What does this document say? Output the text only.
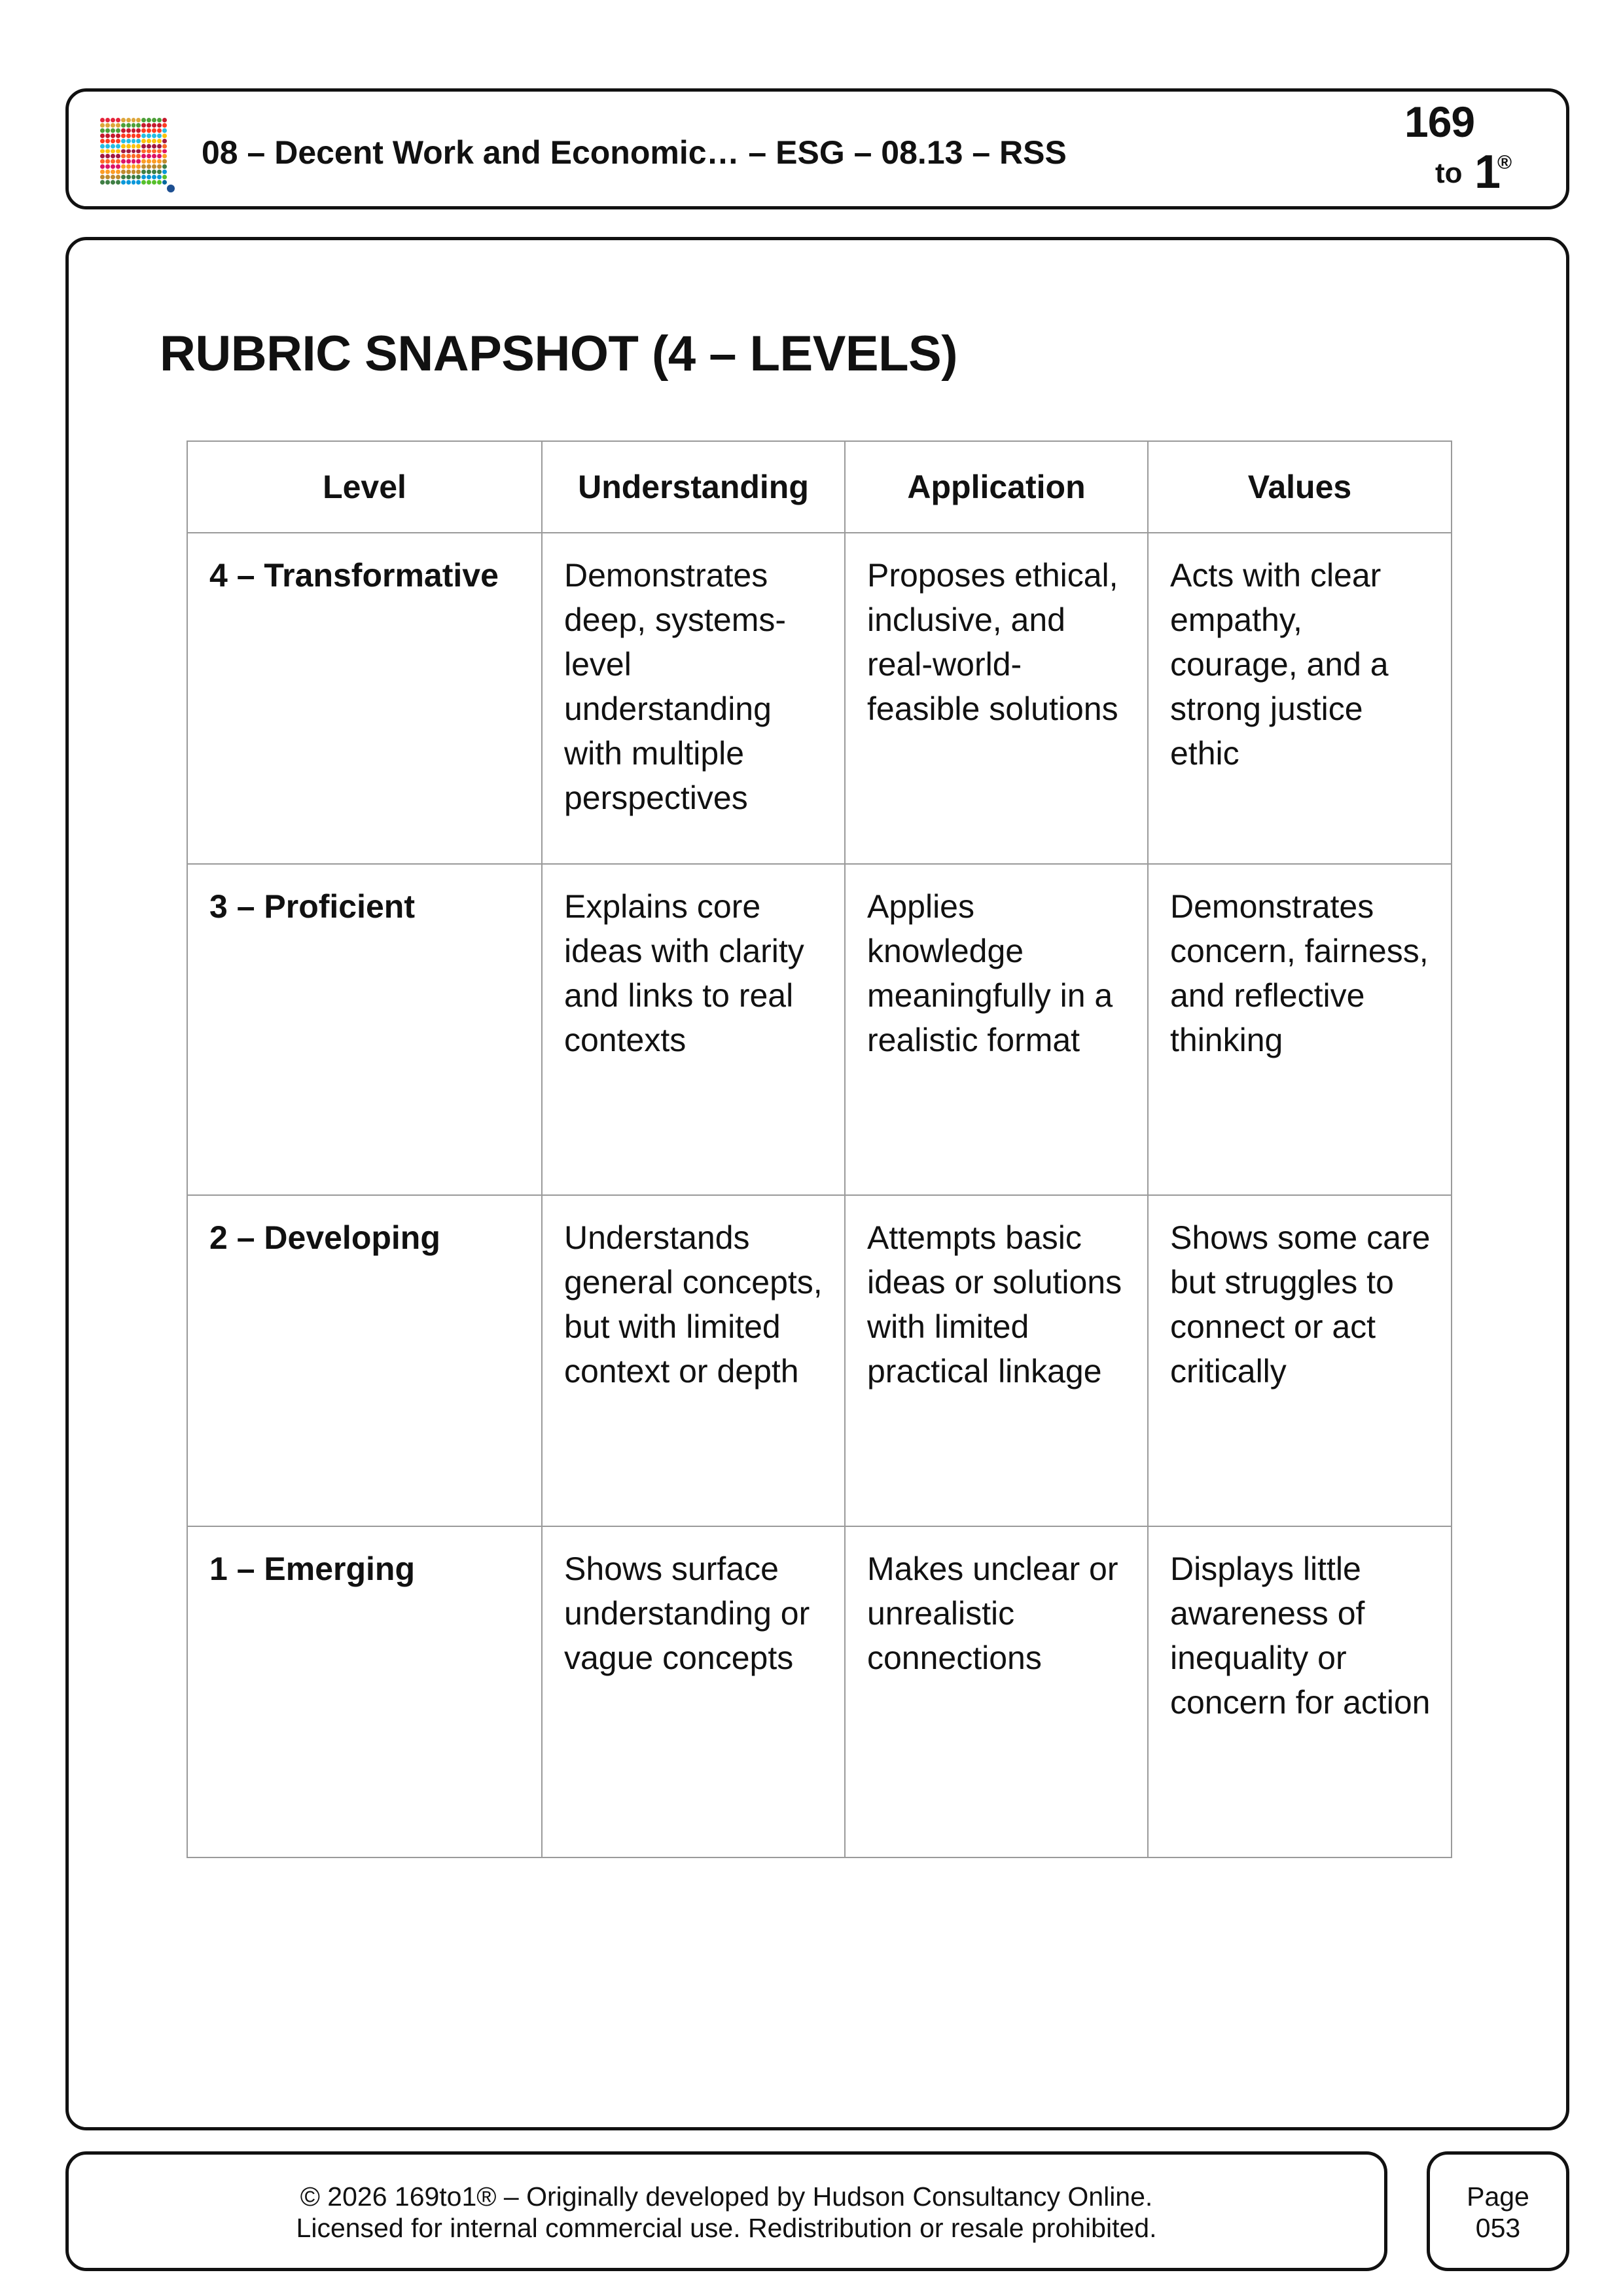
08 – Decent Work and Economic… – ESG – 08.13 – RSS
169
to 1
®
RUBRIC SNAPSHOT (4 – LEVELS)
Level	Understanding	Application	Values
4 – Transformative	Demonstrates deep, systems-level understanding with multiple perspectives	Proposes ethical, inclusive, and real-world-feasible solutions	Acts with clear empathy, courage, and a strong justice ethic
3 – Proficient	Explains core ideas with clarity and links to real contexts	Applies knowledge meaningfully in a realistic format	Demonstrates concern, fairness, and reflective thinking
2 – Developing	Understands general concepts, but with limited context or depth	Attempts basic ideas or solutions with limited practical linkage	Shows some care but struggles to connect or act critically
1 – Emerging	Shows surface understanding or vague concepts	Makes unclear or unrealistic connections	Displays little awareness of inequality or concern for action
© 2026 169to1® – Originally developed by Hudson Consultancy Online.
Licensed for internal commercial use. Redistribution or resale prohibited.
Page
053
